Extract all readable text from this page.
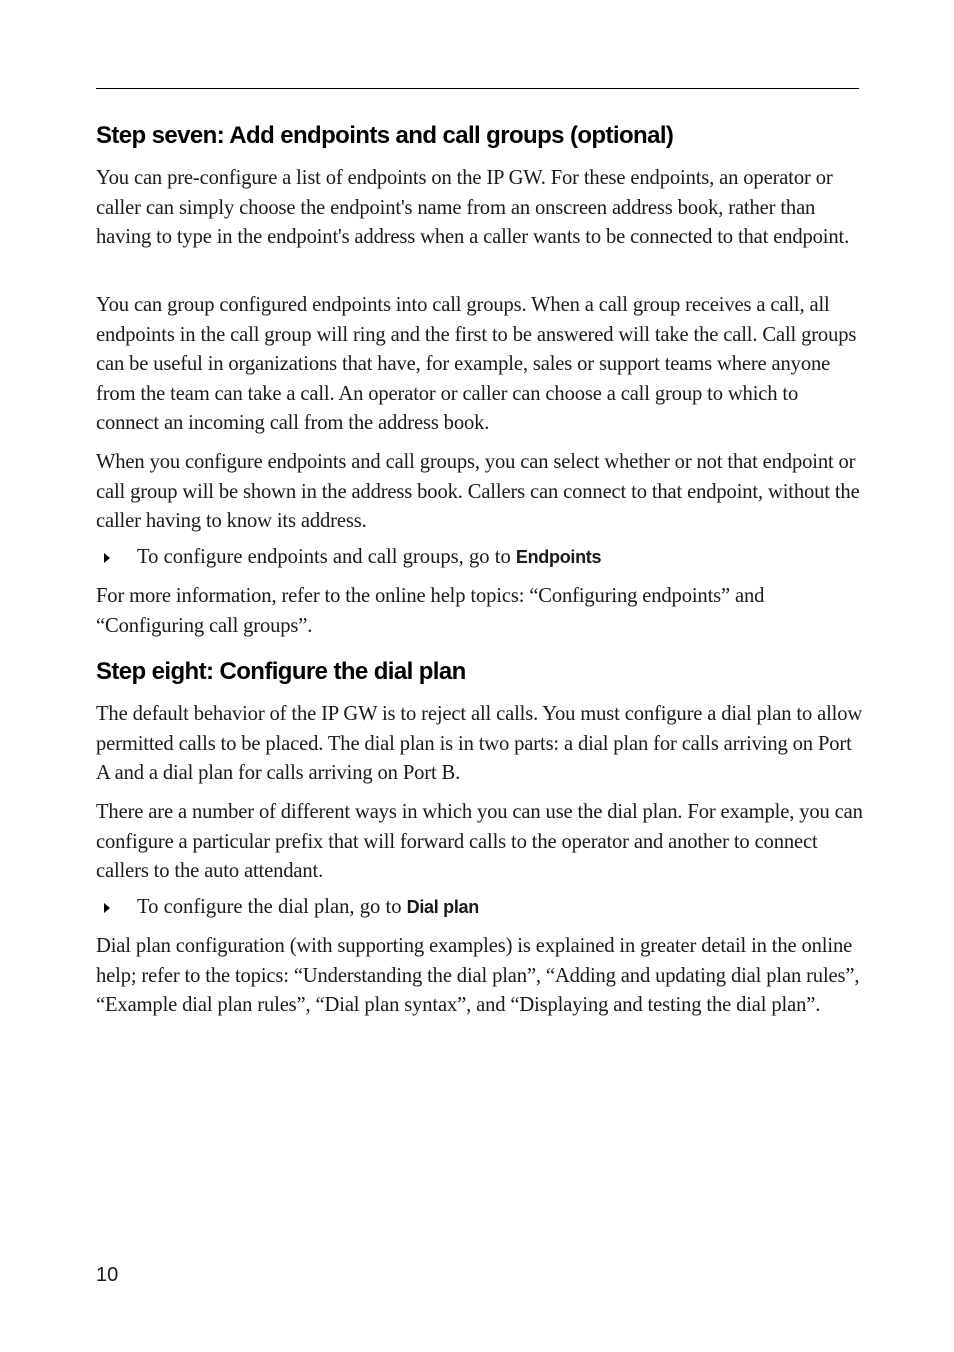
Step seven: Add endpoints and call groups (optional)

You can pre-configure a list of endpoints on the IP GW. For these endpoints, an operator or caller can simply choose the endpoint's name from an onscreen address book, rather than having to type in the endpoint's address when a caller wants to be connected to that endpoint.

You can group configured endpoints into call groups. When a call group receives a call, all endpoints in the call group will ring and the first to be answered will take the call. Call groups can be useful in organizations that have, for example, sales or support teams where anyone from the team can take a call. An operator or caller can choose a call group to which to connect an incoming call from the address book.

When you configure endpoints and call groups, you can select whether or not that endpoint or call group will be shown in the address book. Callers can connect to that endpoint, without the caller having to know its address.

To configure endpoints and call groups, go to Endpoints

For more information, refer to the online help topics: “Configuring endpoints” and “Configuring call groups”.

Step eight: Configure the dial plan

The default behavior of the IP GW is to reject all calls. You must configure a dial plan to allow permitted calls to be placed. The dial plan is in two parts: a dial plan for calls arriving on Port A and a dial plan for calls arriving on Port B.

There are a number of different ways in which you can use the dial plan. For example, you can configure a particular prefix that will forward calls to the operator and another to connect callers to the auto attendant.

To configure the dial plan, go to Dial plan

Dial plan configuration (with supporting examples) is explained in greater detail in the online help; refer to the topics: “Understanding the dial plan”, “Adding and updating dial plan rules”, “Example dial plan rules”, “Dial plan syntax”, and “Displaying and testing the dial plan”.

10
